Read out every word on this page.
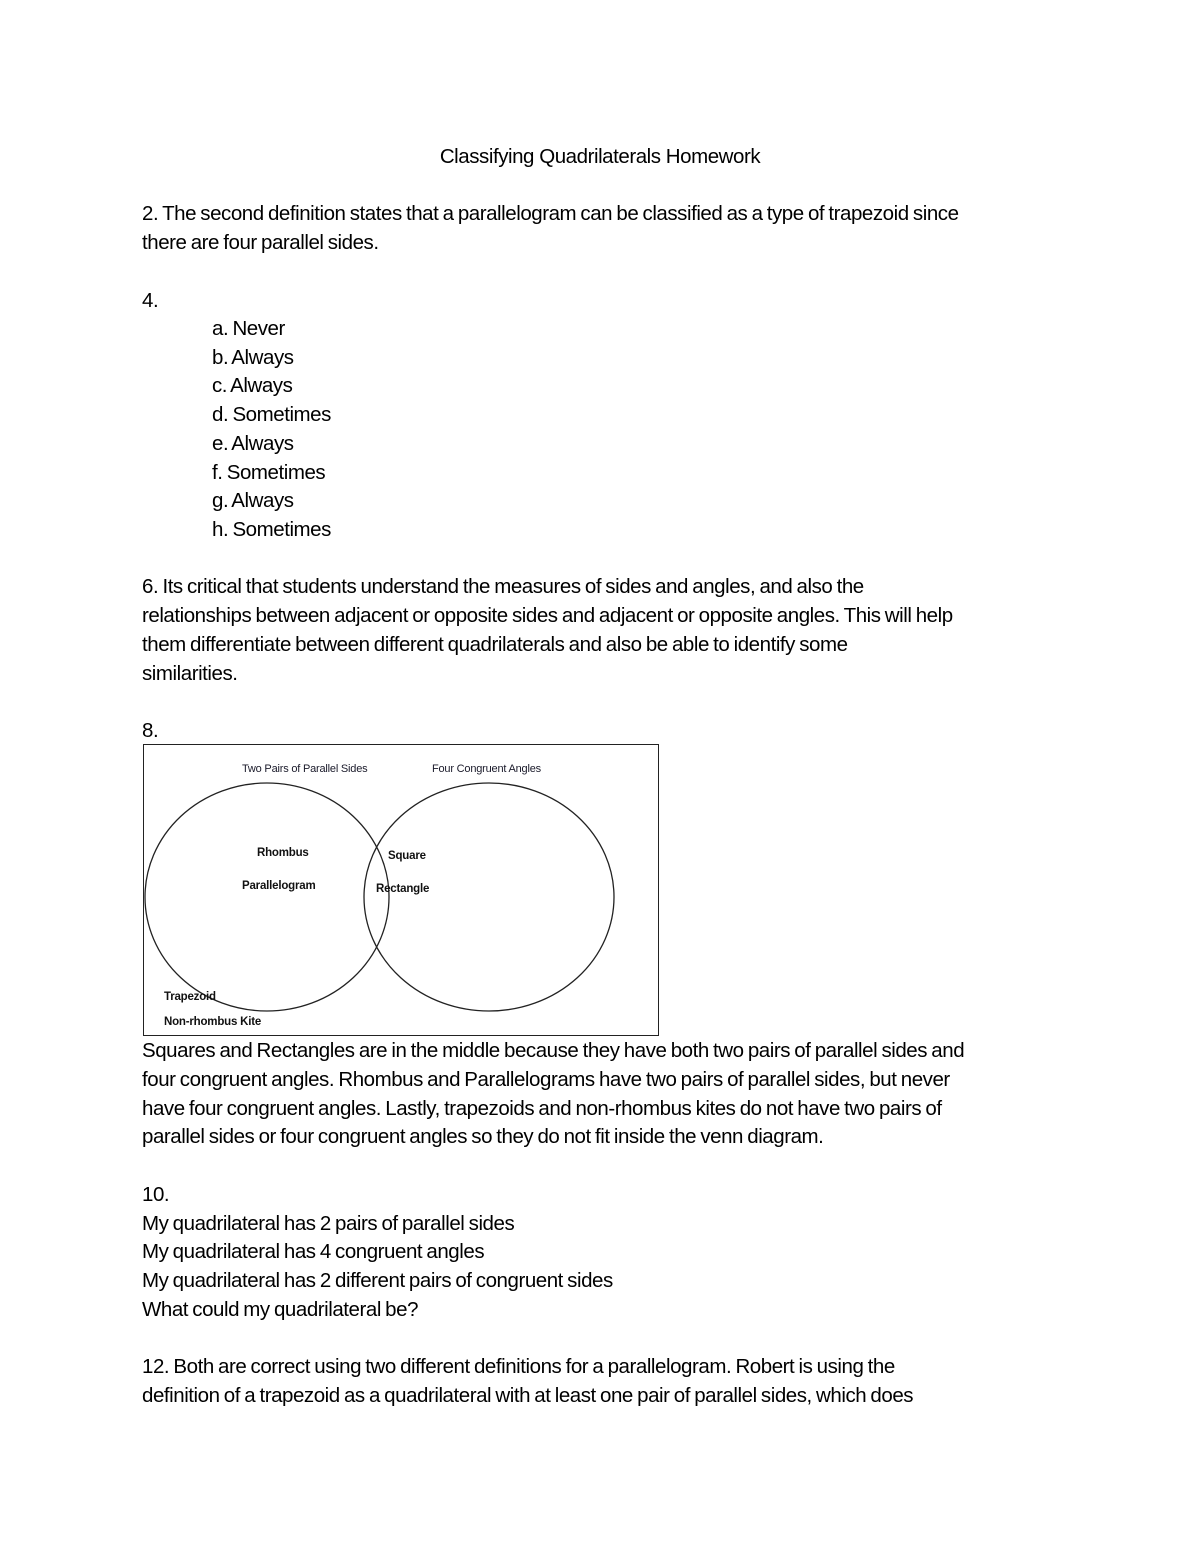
Classifying Quadrilaterals Homework
2. The second definition states that a parallelogram can be classified as a type of trapezoid since
there are four parallel sides.
4.
a. Never
b. Always
c. Always
d. Sometimes
e. Always
f. Sometimes
g. Always
h. Sometimes
6. Its critical that students understand the measures of sides and angles, and also the
relationships between adjacent or opposite sides and adjacent or opposite angles. This will help
them differentiate between different quadrilaterals and also be able to identify some
similarities.
8.
Two Pairs of Parallel Sides	Four Congruent Angles
Rhombus
Parallelogram
Square
Rectangle
Trapezoid
Non-rhombus Kite
Squares and Rectangles are in the middle because they have both two pairs of parallel sides and
four congruent angles. Rhombus and Parallelograms have two pairs of parallel sides, but never
have four congruent angles. Lastly, trapezoids and non-rhombus kites do not have two pairs of
parallel sides or four congruent angles so they do not fit inside the venn diagram.
10.
My quadrilateral has 2 pairs of parallel sides
My quadrilateral has 4 congruent angles
My quadrilateral has 2 different pairs of congruent sides
What could my quadrilateral be?
12. Both are correct using two different definitions for a parallelogram. Robert is using the
definition of a trapezoid as a quadrilateral with at least one pair of parallel sides, which does
